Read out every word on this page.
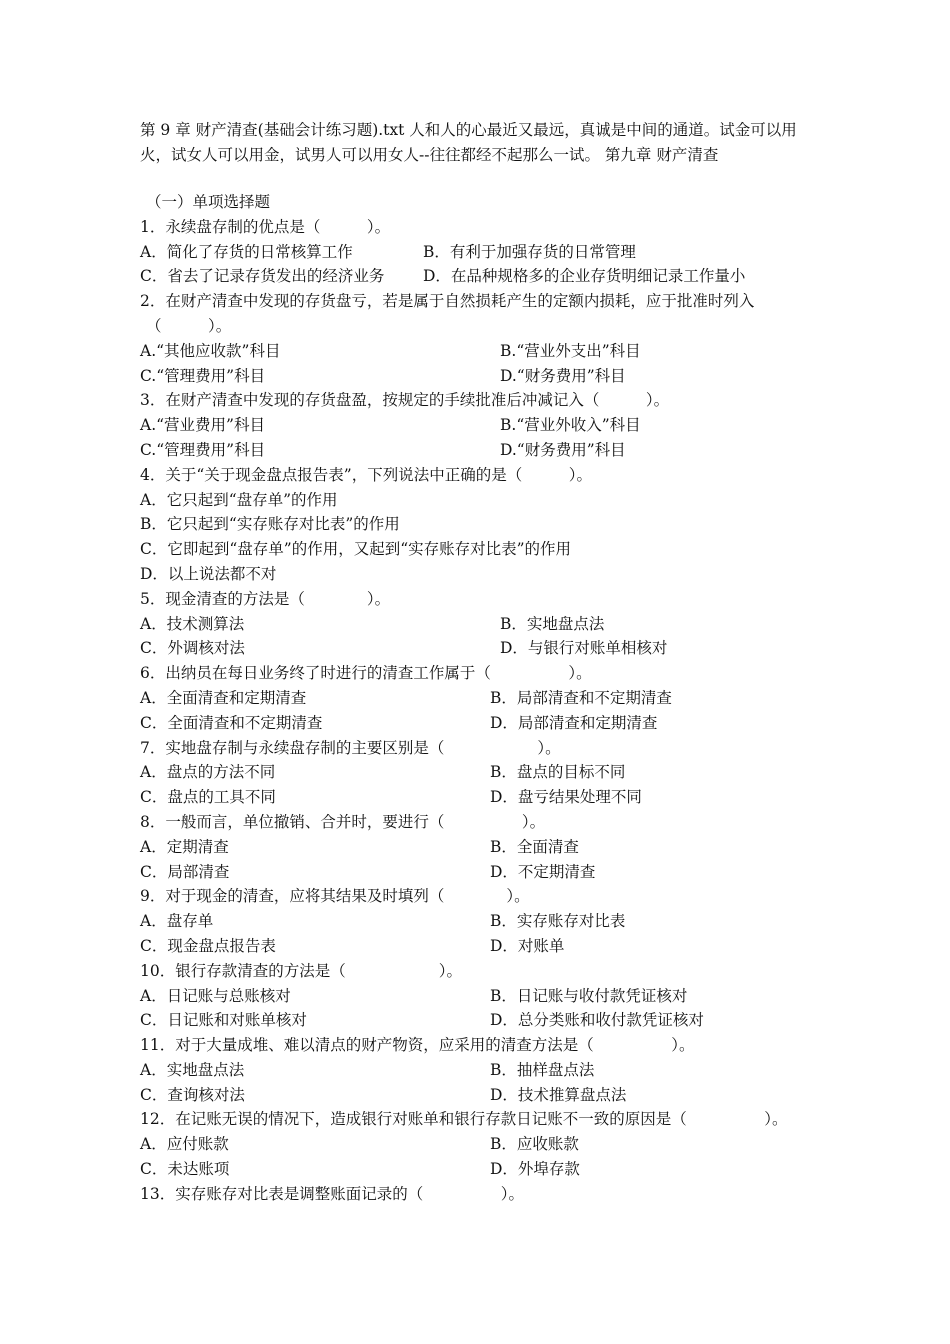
第 9 章 财产清查(基础会计练习题).txt 人和人的心最近又最远，真诚是中间的通道。试金可以用火，试女人可以用金，试男人可以用女人--往往都经不起那么一试。 第九章 财产清查
（一）单项选择题
1．永续盘存制的优点是（　　　）。
A．简化了存货的日常核算工作	B．有利于加强存货的日常管理
C．省去了记录存货发出的经济业务	D．在品种规格多的企业存货明细记录工作量小
2．在财产清查中发现的存货盘亏，若是属于自然损耗产生的定额内损耗，应于批准时列入
（　　　）。
A.“其他应收款”科目	B.“营业外支出”科目
C.“管理费用”科目	D.“财务费用”科目
3．在财产清查中发现的存货盘盈，按规定的手续批准后冲减记入（　　　）。
A.“营业费用”科目	B.“营业外收入”科目
C.“管理费用”科目	D.“财务费用”科目
4．关于“关于现金盘点报告表”，下列说法中正确的是（　　　）。
A．它只起到“盘存单”的作用
B．它只起到“实存账存对比表”的作用
C．它即起到“盘存单”的作用，又起到“实存账存对比表”的作用
D．以上说法都不对
5．现金清查的方法是（　　　　）。
A．技术测算法	B．实地盘点法
C．外调核对法	D．与银行对账单相核对
6．出纳员在每日业务终了时进行的清查工作属于（　　　　　）。
A．全面清查和定期清查	B．局部清查和不定期清查
C．全面清查和不定期清查	D．局部清查和定期清查
7．实地盘存制与永续盘存制的主要区别是（　　　　　　）。
A．盘点的方法不同	B．盘点的目标不同
C．盘点的工具不同	D．盘亏结果处理不同
8．一般而言，单位撤销、合并时，要进行（　　　　　）。
A．定期清查	B．全面清查
C．局部清查	D．不定期清查
9．对于现金的清查，应将其结果及时填列（　　　　）。
A．盘存单	B．实存账存对比表
C．现金盘点报告表	D．对账单
10．银行存款清查的方法是（　　　　　　）。
A．日记账与总账核对	B．日记账与收付款凭证核对
C．日记账和对账单核对	D．总分类账和收付款凭证核对
11．对于大量成堆、难以清点的财产物资，应采用的清查方法是（　　　　　）。
A．实地盘点法	B．抽样盘点法
C．查询核对法	D．技术推算盘点法
12．在记账无误的情况下，造成银行对账单和银行存款日记账不一致的原因是（　　　　　）。
A．应付账款	B．应收账款
C．未达账项	D．外埠存款
13．实存账存对比表是调整账面记录的（　　　　　）。
